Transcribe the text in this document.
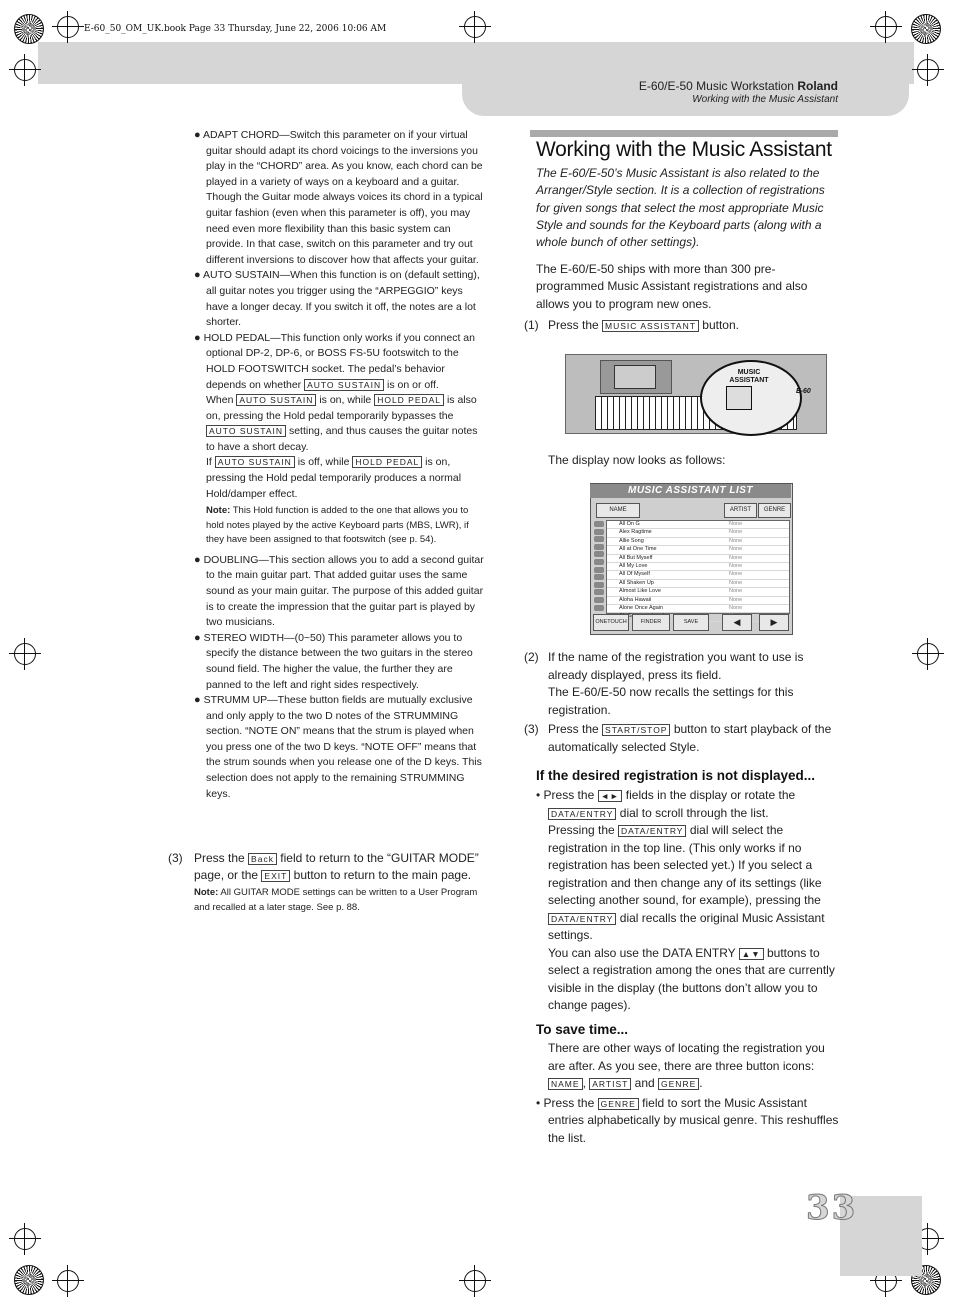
E-60/E-50 Music Workstation Roland
Working with the Music Assistant
E-60_50_OM_UK.book Page 33 Thursday, June 22, 2006 10:06 AM
33

● ADAPT CHORD—Switch this parameter on if your virtual guitar should adapt its chord voicings to the inversions you play in the “CHORD” area. As you know, each chord can be played in a variety of ways on a keyboard and a guitar. Though the Guitar mode always voices its chord in a typical guitar fashion (even when this parameter is off), you may need even more flexibility than this basic system can provide. In that case, switch on this parameter and try out different inversions to discover how that affects your guitar.

● AUTO SUSTAIN—When this function is on (default setting), all guitar notes you trigger using the “ARPEGGIO” keys have a longer decay. If you switch it off, the notes are a lot shorter.

● HOLD PEDAL—This function only works if you connect an optional DP-2, DP-6, or BOSS FS-5U footswitch to the HOLD FOOTSWITCH socket. The pedal’s behavior depends on whether AUTO SUSTAIN is on or off.

When AUTO SUSTAIN is on, while HOLD PEDAL is also on, pressing the Hold pedal temporarily bypasses the AUTO SUSTAIN setting, and thus causes the guitar notes to have a short decay.
If AUTO SUSTAIN is off, while HOLD PEDAL is on, pressing the Hold pedal temporarily produces a normal Hold/damper effect.
Note: This Hold function is added to the one that allows you to hold notes played by the active Keyboard parts (MBS, LWR), if they have been assigned to that footswitch (see p. 54).

● DOUBLING—This section allows you to add a second guitar to the main guitar part. That added guitar uses the same sound as your main guitar. The purpose of this added guitar is to create the impression that the guitar part is played by two musicians.

● STEREO WIDTH—(0~50) This parameter allows you to specify the distance between the two guitars in the stereo sound field. The higher the value, the further they are panned to the left and right sides respectively.

● STRUMM UP—These button fields are mutually exclusive and only apply to the two D notes of the STRUMMING section. “NOTE ON” means that the strum is played when you press one of the two D keys. “NOTE OFF” means that the strum sounds when you release one of the D keys. This selection does not apply to the remaining STRUMMING keys.

(3) Press the Back field to return to the “GUITAR MODE” page, or the EXIT button to return to the main page.
Note: All GUITAR MODE settings can be written to a User Program and recalled at a later stage. See p. 88.
Working with the Music Assistant
The E-60/E-50’s Music Assistant is also related to the Arranger/Style section. It is a collection of registrations for given songs that select the most appropriate Music Style and sounds for the Keyboard parts (along with a whole bunch of other settings).
The E-60/E-50 ships with more than 300 pre-programmed Music Assistant registrations and also allows you to program new ones.
(1) Press the MUSIC ASSISTANT button.
MUSIC
ASSISTANT
E-60
The display now looks as follows:
MUSIC ASSISTANT LIST
NAME	ARTIST	GENRE
All On G	None
Alex Ragtime	None
Allie Song	None
All at One Time	None
All But Myself	None
All My Love	None
All Of Myself	None
All Shaken Up	None
Almost Like Love	None
Aloha Hawaii	None
Alone Once Again	None
ONETOUCH	FINDER	SAVE	◀	▶
(2) If the name of the registration you want to use is already displayed, press its field.
The E-60/E-50 now recalls the settings for this registration.
(3) Press the START/STOP button to start playback of the automatically selected Style.
If the desired registration is not displayed...
• Press the ◄► fields in the display or rotate the DATA/ENTRY dial to scroll through the list.
Pressing the DATA/ENTRY dial will select the registration in the top line. (This only works if no registration has been selected yet.) If you select a registration and then change any of its settings (like selecting another sound, for example), pressing the DATA/ENTRY dial recalls the original Music Assistant settings.
You can also use the DATA ENTRY ▲▼ buttons to select a registration among the ones that are currently visible in the display (the buttons don’t allow you to change pages).
To save time...
There are other ways of locating the registration you are after. As you see, there are three button icons: NAME , ARTIST and GENRE .
• Press the GENRE field to sort the Music Assistant entries alphabetically by musical genre. This reshuffles the list.
